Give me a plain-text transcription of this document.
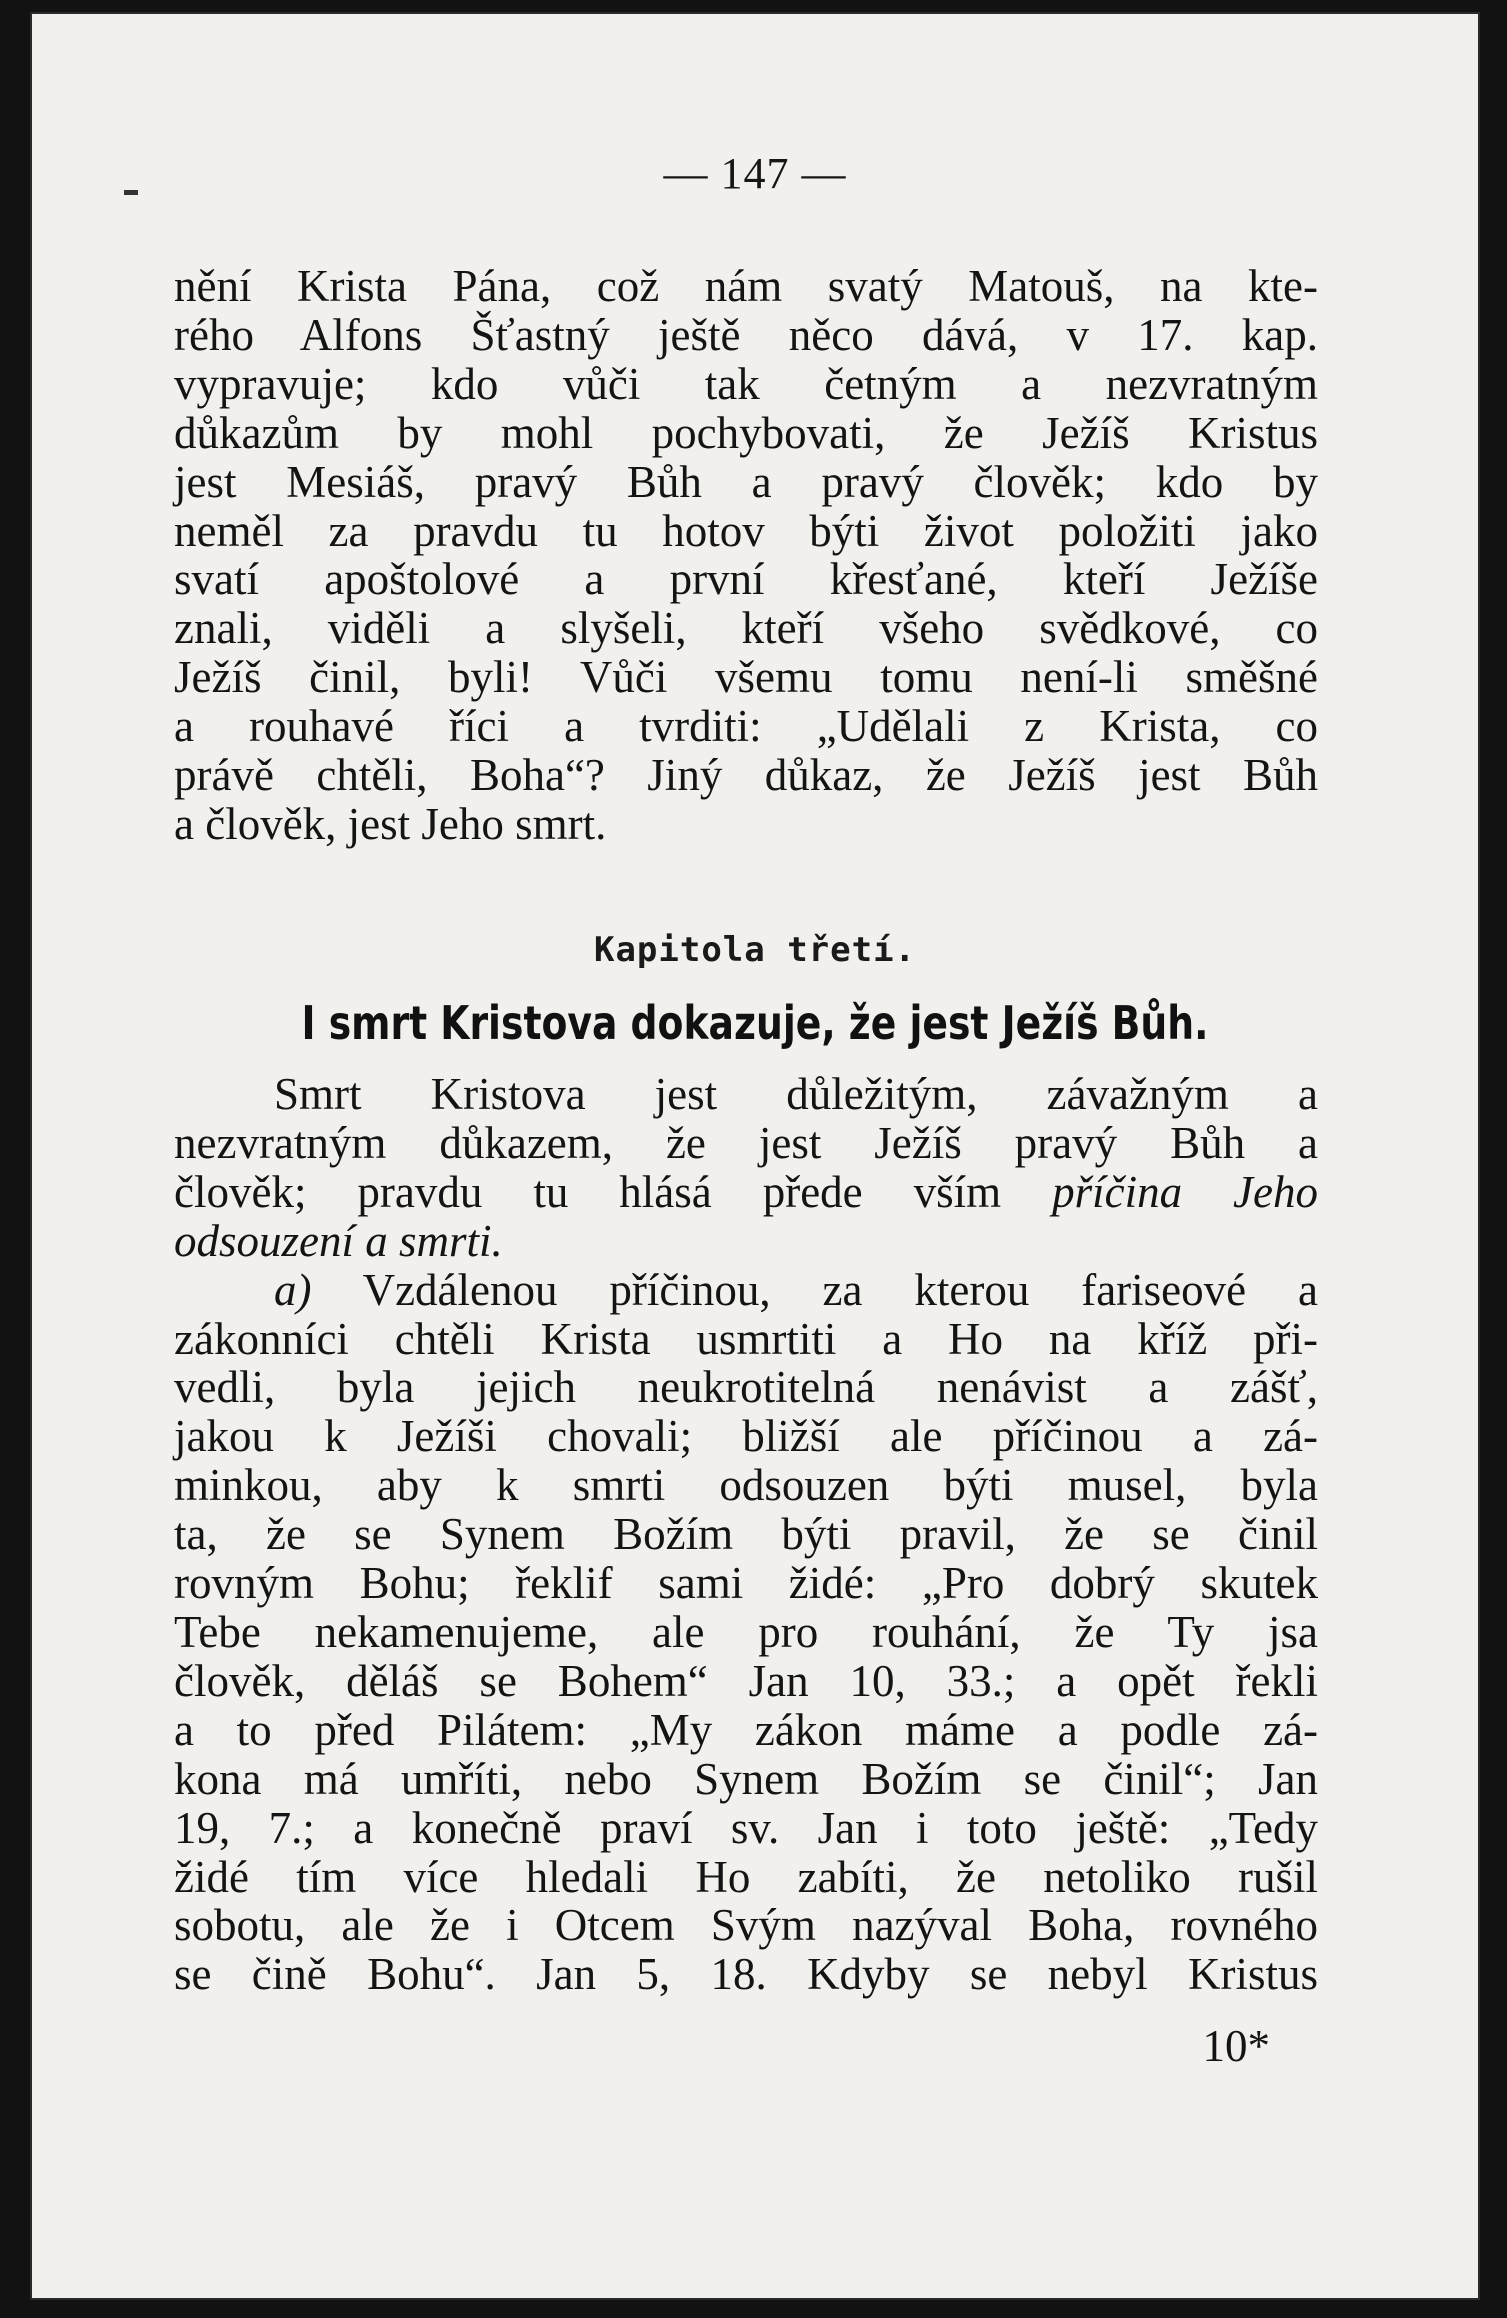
— 147 —
nění Krista Pána, což nám svatý Matouš, na kte-
rého Alfons Šťastný ještě něco dává, v 17. kap.
vypravuje; kdo vůči tak četným a nezvratným
důkazům by mohl pochybovati, že Ježíš Kristus
jest Mesiáš, pravý Bůh a pravý člověk; kdo by
neměl za pravdu tu hotov býti život položiti jako
svatí apoštolové a první křesťané, kteří Ježíše
znali, viděli a slyšeli, kteří všeho svědkové, co
Ježíš činil, byli! Vůči všemu tomu není-li směšné
a rouhavé říci a tvrditi: „Udělali z Krista, co
právě chtěli, Boha“? Jiný důkaz, že Ježíš jest Bůh
a člověk, jest Jeho smrt.
Kapitola třetí.
I smrt Kristova dokazuje, že jest Ježíš Bůh.
Smrt Kristova jest důležitým, závažným a
nezvratným důkazem, že jest Ježíš pravý Bůh a
člověk; pravdu tu hlásá přede vším příčina Jeho
odsouzení a smrti.
a) Vzdálenou příčinou, za kterou fariseové a
zákonníci chtěli Krista usmrtiti a Ho na kříž při-
vedli, byla jejich neukrotitelná nenávist a zášť,
jakou k Ježíši chovali; bližší ale příčinou a zá-
minkou, aby k smrti odsouzen býti musel, byla
ta, že se Synem Božím býti pravil, že se činil
rovným Bohu; řeklif sami židé: „Pro dobrý skutek
Tebe nekamenujeme, ale pro rouhání, že Ty jsa
člověk, děláš se Bohem“ Jan 10, 33.; a opět řekli
a to před Pilátem: „My zákon máme a podle zá-
kona má umříti, nebo Synem Božím se činil“; Jan
19, 7.; a konečně praví sv. Jan i toto ještě: „Tedy
židé tím více hledali Ho zabíti, že netoliko rušil
sobotu, ale že i Otcem Svým nazýval Boha, rovného
se čině Bohu“. Jan 5, 18. Kdyby se nebyl Kristus
10*
